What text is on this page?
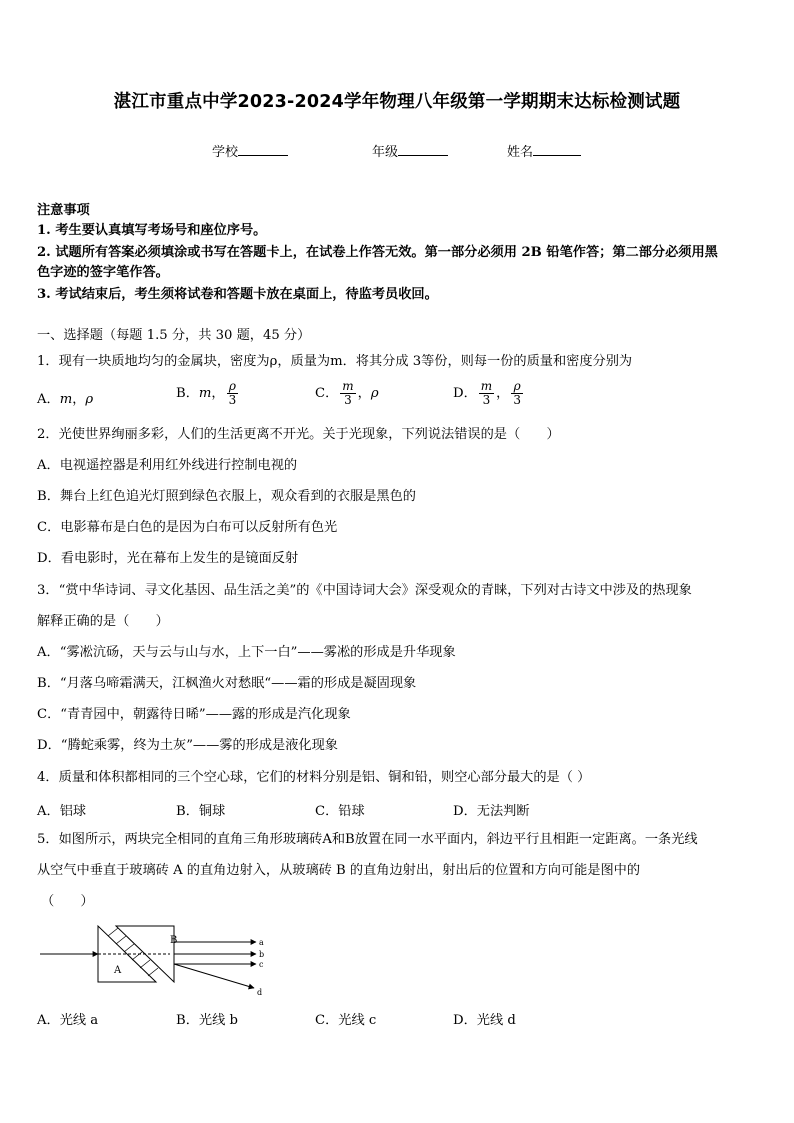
湛江市重点中学2023-2024学年物理八年级第一学期期末达标检测试题
学校	年级	姓名
注意事项
1. 考生要认真填写考场号和座位序号。
2. 试题所有答案必须填涂或书写在答题卡上，在试卷上作答无效。第一部分必须用 2B 铅笔作答；第二部分必须用黑
色字迹的签字笔作答。
3. 考试结束后，考生须将试卷和答题卡放在桌面上，待监考员收回。
一、选择题（每题 1.5 分，共 30 题，45 分）
1．现有一块质地均匀的金属块，密度为ρ，质量为m．将其分成 3等份，则每一份的质量和密度分别为
A．m，ρ	B．m， $\frac{\rho}{3}$	C． $\frac{m}{3}$ ，ρ	D． $\frac{m}{3}$ ， $\frac{\rho}{3}$
2．光使世界绚丽多彩，人们的生活更离不开光。关于光现象，下列说法错误的是（　　）
A．电视遥控器是利用红外线进行控制电视的
B．舞台上红色追光灯照到绿色衣服上，观众看到的衣服是黑色的
C．电影幕布是白色的是因为白布可以反射所有色光
D．看电影时，光在幕布上发生的是镜面反射
3．“赏中华诗词、寻文化基因、品生活之美”的《中国诗词大会》深受观众的青睐，下列对古诗文中涉及的热现象
解释正确的是（　　）
A．“雾凇沆砀，天与云与山与水，上下一白”——雾凇的形成是升华现象
B．“月落乌啼霜满天，江枫渔火对愁眠“——霜的形成是凝固现象
C．“青青园中，朝露待日晞”——露的形成是汽化现象
D．“腾蛇乘雾，终为土灰”——雾的形成是液化现象
4．质量和体积都相同的三个空心球，它们的材料分别是铝、铜和铅，则空心部分最大的是（ ）
A．铝球	B．铜球	C．铅球	D．无法判断
5．如图所示，两块完全相同的直角三角形玻璃砖A和B放置在同一水平面内，斜边平行且相距一定距离。一条光线
从空气中垂直于玻璃砖 A 的直角边射入，从玻璃砖 B 的直角边射出，射出后的位置和方向可能是图中的
（　　）
A
B	a
b
c
d
A．光线 a	B．光线 b	C．光线 c	D．光线 d
